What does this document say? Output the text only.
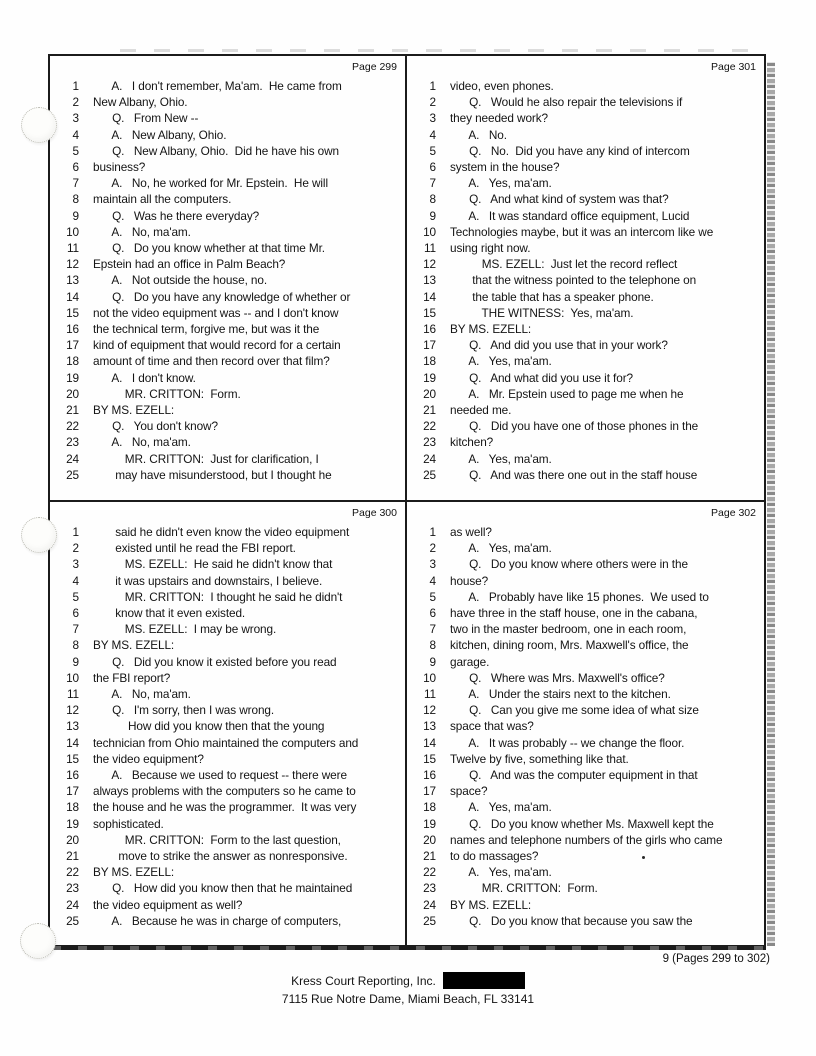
Page 299
1 A.   I don't remember, Ma'am.  He came from
2 New Albany, Ohio.
3 Q.   From New --
4 A.   New Albany, Ohio.
5 Q.   New Albany, Ohio.  Did he have his own
6 business?
7 A.   No, he worked for Mr. Epstein.  He will
8 maintain all the computers.
9 Q.   Was he there everyday?
10 A.   No, ma'am.
11 Q.   Do you know whether at that time Mr.
12 Epstein had an office in Palm Beach?
13 A.   Not outside the house, no.
14 Q.   Do you have any knowledge of whether or
15 not the video equipment was -- and I don't know
16 the technical term, forgive me, but was it the
17 kind of equipment that would record for a certain
18 amount of time and then record over that film?
19 A.   I don't know.
20 MR. CRITTON:  Form.
21 BY MS. EZELL:
22 Q.   You don't know?
23 A.   No, ma'am.
24 MR. CRITTON:  Just for clarification, I
25 may have misunderstood, but I thought he
Page 301
1 video, even phones.
2 Q.   Would he also repair the televisions if
3 they needed work?
4 A.   No.
5 Q.   No.  Did you have any kind of intercom
6 system in the house?
7 A.   Yes, ma'am.
8 Q.   And what kind of system was that?
9 A.   It was standard office equipment, Lucid
10 Technologies maybe, but it was an intercom like we
11 using right now.
12 MS. EZELL:  Just let the record reflect
13 that the witness pointed to the telephone on
14 the table that has a speaker phone.
15 THE WITNESS:  Yes, ma'am.
16 BY MS. EZELL:
17 Q.   And did you use that in your work?
18 A.   Yes, ma'am.
19 Q.   And what did you use it for?
20 A.   Mr. Epstein used to page me when he
21 needed me.
22 Q.   Did you have one of those phones in the
23 kitchen?
24 A.   Yes, ma'am.
25 Q.   And was there one out in the staff house
Page 300
1 said he didn't even know the video equipment
2 existed until he read the FBI report.
3 MS. EZELL:  He said he didn't know that
4 it was upstairs and downstairs, I believe.
5 MR. CRITTON:  I thought he said he didn't
6 know that it even existed.
7 MS. EZELL:  I may be wrong.
8 BY MS. EZELL:
9 Q.   Did you know it existed before you read
10 the FBI report?
11 A.   No, ma'am.
12 Q.   I'm sorry, then I was wrong.
13 How did you know then that the young
14 technician from Ohio maintained the computers and
15 the video equipment?
16 A.   Because we used to request -- there were
17 always problems with the computers so he came to
18 the house and he was the programmer.  It was very
19 sophisticated.
20 MR. CRITTON:  Form to the last question,
21 move to strike the answer as nonresponsive.
22 BY MS. EZELL:
23 Q.   How did you know then that he maintained
24 the video equipment as well?
25 A.   Because he was in charge of computers,
Page 302
1 as well?
2 A.   Yes, ma'am.
3 Q.   Do you know where others were in the
4 house?
5 A.   Probably have like 15 phones.  We used to
6 have three in the staff house, one in the cabana,
7 two in the master bedroom, one in each room,
8 kitchen, dining room, Mrs. Maxwell's office, the
9 garage.
10 Q.   Where was Mrs. Maxwell's office?
11 A.   Under the stairs next to the kitchen.
12 Q.   Can you give me some idea of what size
13 space that was?
14 A.   It was probably -- we change the floor.
15 Twelve by five, something like that.
16 Q.   And was the computer equipment in that
17 space?
18 A.   Yes, ma'am.
19 Q.   Do you know whether Ms. Maxwell kept the
20 names and telephone numbers of the girls who came
21 to do massages?
22 A.   Yes, ma'am.
23 MR. CRITTON:  Form.
24 BY MS. EZELL:
25 Q.   Do you know that because you saw the
9 (Pages 299 to 302)
Kress Court Reporting, Inc.
7115 Rue Notre Dame, Miami Beach, FL 33141
